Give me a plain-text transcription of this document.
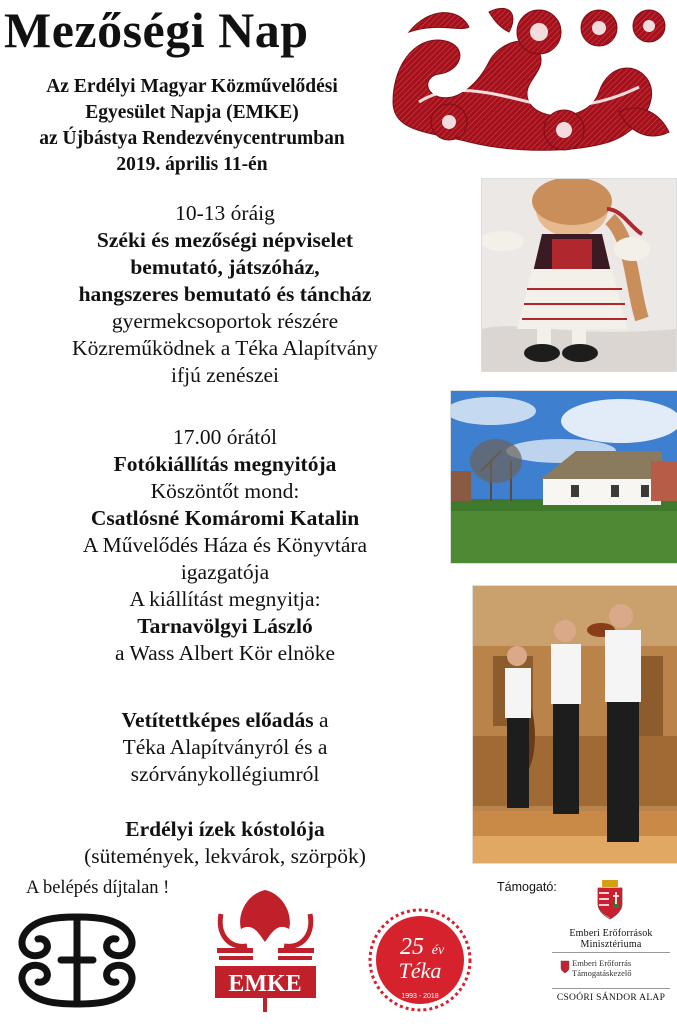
Mezőségi Nap
Az Erdélyi Magyar Közművelődési
Egyesület Napja (EMKE)
az Újbástya Rendezvénycentrumban
2019. április 11-én
10-13 óráig
Széki és mezőségi népviselet
bemutató, játszóház,
hangszeres bemutató és táncház
gyermekcsoportok részére
Közreműködnek a Téka Alapítvány
ifjú zenészei
17.00 órától
Fotókiállítás megnyitója
Köszöntőt mond:
Csatlósné Komáromi Katalin
A Művelődés Háza és Könyvtára
igazgatója
A kiállítást megnyitja:
Tarnavölgyi László
a Wass Albert Kör elnöke
Vetítettképes előadás a
Téka Alapítványról és a
szórványkollégiumról
Erdélyi ízek kóstolója
(sütemények, lekvárok, szörpök)
A belépés díjtalan !
EMKE
25 év
Téka
1993 - 2018
Támogató:
Emberi Erőforrások
Minisztériuma
Emberi Erőforrás
Támogatáskezelő
CSOÓRI SÁNDOR ALAP
